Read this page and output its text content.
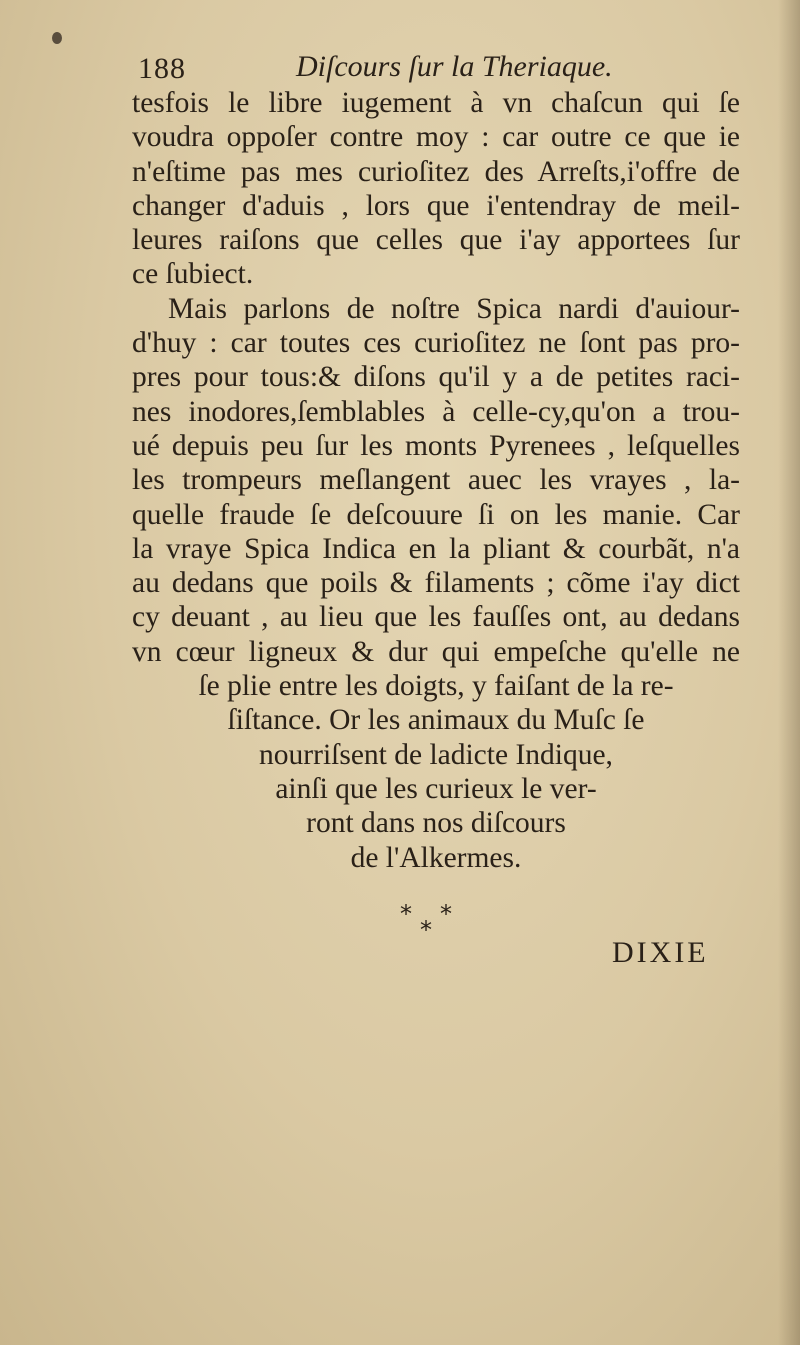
188	Diſcours ſur la Theriaque.
tesfois le libre iugement à vn chaſcun qui ſe
voudra oppoſer contre moy : car outre ce que ie
n'eſtime pas mes curioſitez des Arreſts,i'offre de
changer d'aduis , lors que i'entendray de meil-
leures raiſons que celles que i'ay apportees ſur
ce ſubiect.
Mais parlons de noſtre Spica nardi d'auiour-
d'huy : car toutes ces curioſitez ne ſont pas pro-
pres pour tous:& diſons qu'il y a de petites raci-
nes inodores,ſemblables à celle-cy,qu'on a trou-
ué depuis peu ſur les monts Pyrenees , leſquelles
les trompeurs meſlangent auec les vrayes , la-
quelle fraude ſe deſcouure ſi on les manie. Car
la vraye Spica Indica en la pliant & courbãt, n'a
au dedans que poils & filaments ; cõme i'ay dict
cy deuant , au lieu que les fauſſes ont, au dedans
vn cœur ligneux & dur qui empeſche qu'elle ne
ſe plie entre les doigts, y faiſant de la re-
ſiſtance. Or les animaux du Muſc ſe
nourriſsent de ladicte Indique,
ainſi que les curieux le ver-
ront dans nos diſcours
de l'Alkermes.
* *
*
DIXIE
